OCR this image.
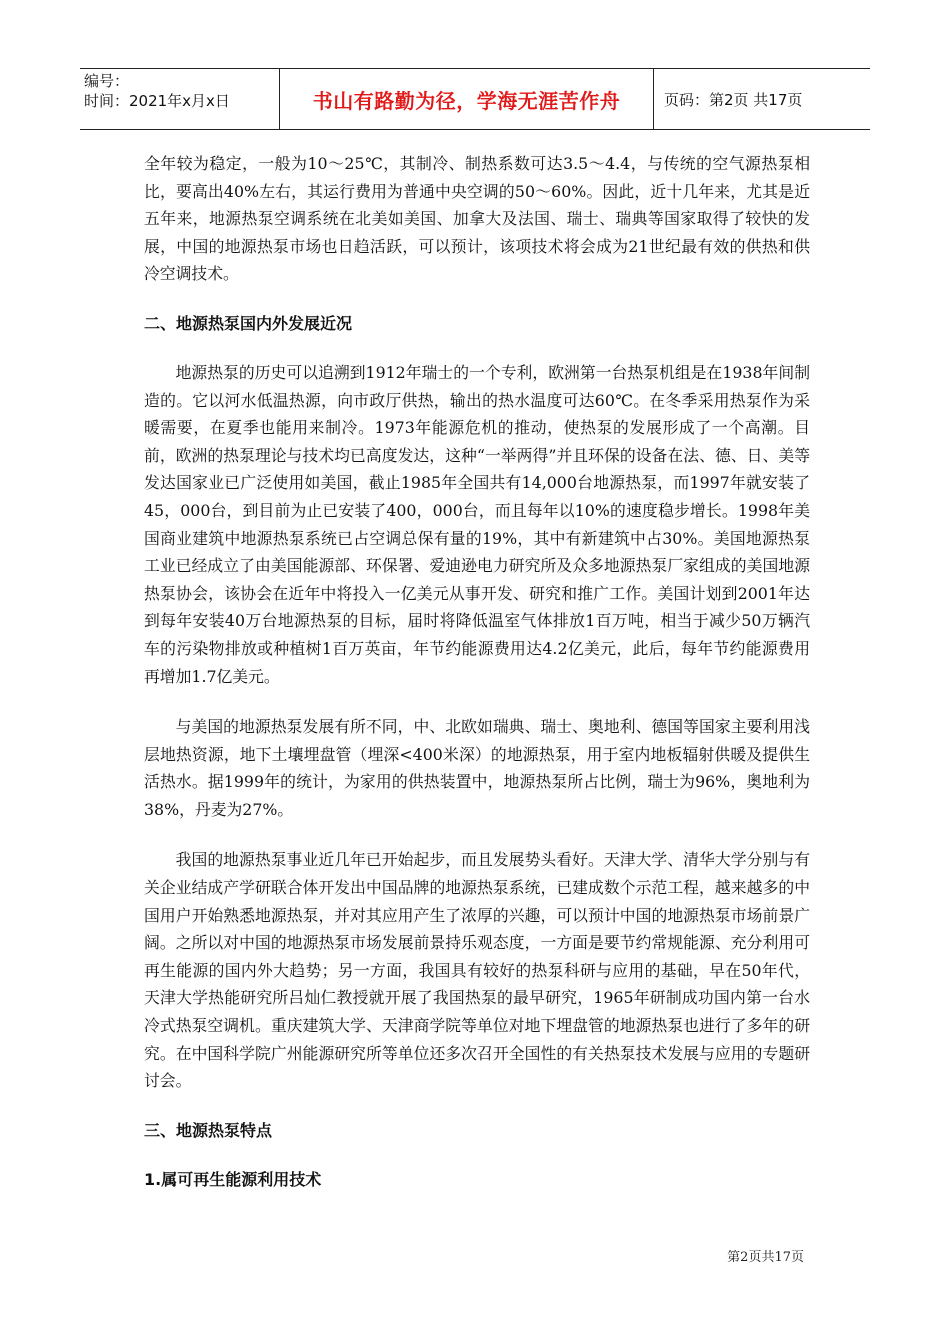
编号：
时间：2021年x月x日	书山有路勤为径，学海无涯苦作舟	页码：第2页 共17页

全年较为稳定，一般为10～25℃，其制冷、制热系数可达3.5～4.4，与传统的空气源热泵相比，要高出40%左右，其运行费用为普通中央空调的50～60%。因此，近十几年来，尤其是近五年来，地源热泵空调系统在北美如美国、加拿大及法国、瑞士、瑞典等国家取得了较快的发展，中国的地源热泵市场也日趋活跃，可以预计，该项技术将会成为21世纪最有效的供热和供冷空调技术。

二、地源热泵国内外发展近况

地源热泵的历史可以追溯到1912年瑞士的一个专利，欧洲第一台热泵机组是在1938年间制造的。它以河水低温热源，向市政厅供热，输出的热水温度可达60℃。在冬季采用热泵作为采暖需要，在夏季也能用来制冷。1973年能源危机的推动，使热泵的发展形成了一个高潮。目前，欧洲的热泵理论与技术均已高度发达，这种“一举两得”并且环保的设备在法、德、日、美等发达国家业已广泛使用如美国，截止1985年全国共有14,000台地源热泵，而1997年就安装了45，000台，到目前为止已安装了400，000台，而且每年以10%的速度稳步增长。1998年美国商业建筑中地源热泵系统已占空调总保有量的19%，其中有新建筑中占30%。美国地源热泵工业已经成立了由美国能源部、环保署、爱迪逊电力研究所及众多地源热泵厂家组成的美国地源热泵协会，该协会在近年中将投入一亿美元从事开发、研究和推广工作。美国计划到2001年达到每年安装40万台地源热泵的目标，届时将降低温室气体排放1百万吨，相当于减少50万辆汽车的污染物排放或种植树1百万英亩，年节约能源费用达4.2亿美元，此后，每年节约能源费用再增加1.7亿美元。

与美国的地源热泵发展有所不同，中、北欧如瑞典、瑞士、奥地利、德国等国家主要利用浅层地热资源，地下土壤埋盘管（埋深<400米深）的地源热泵，用于室内地板辐射供暖及提供生活热水。据1999年的统计，为家用的供热装置中，地源热泵所占比例，瑞士为96%，奥地利为38%，丹麦为27%。

我国的地源热泵事业近几年已开始起步，而且发展势头看好。天津大学、清华大学分别与有关企业结成产学研联合体开发出中国品牌的地源热泵系统，已建成数个示范工程，越来越多的中国用户开始熟悉地源热泵，并对其应用产生了浓厚的兴趣，可以预计中国的地源热泵市场前景广阔。之所以对中国的地源热泵市场发展前景持乐观态度，一方面是要节约常规能源、充分利用可再生能源的国内外大趋势；另一方面，我国具有较好的热泵科研与应用的基础，早在50年代，天津大学热能研究所吕灿仁教授就开展了我国热泵的最早研究，1965年研制成功国内第一台水冷式热泵空调机。重庆建筑大学、天津商学院等单位对地下埋盘管的地源热泵也进行了多年的研究。在中国科学院广州能源研究所等单位还多次召开全国性的有关热泵技术发展与应用的专题研讨会。

三、地源热泵特点
1.属可再生能源利用技术
第2页共17页
